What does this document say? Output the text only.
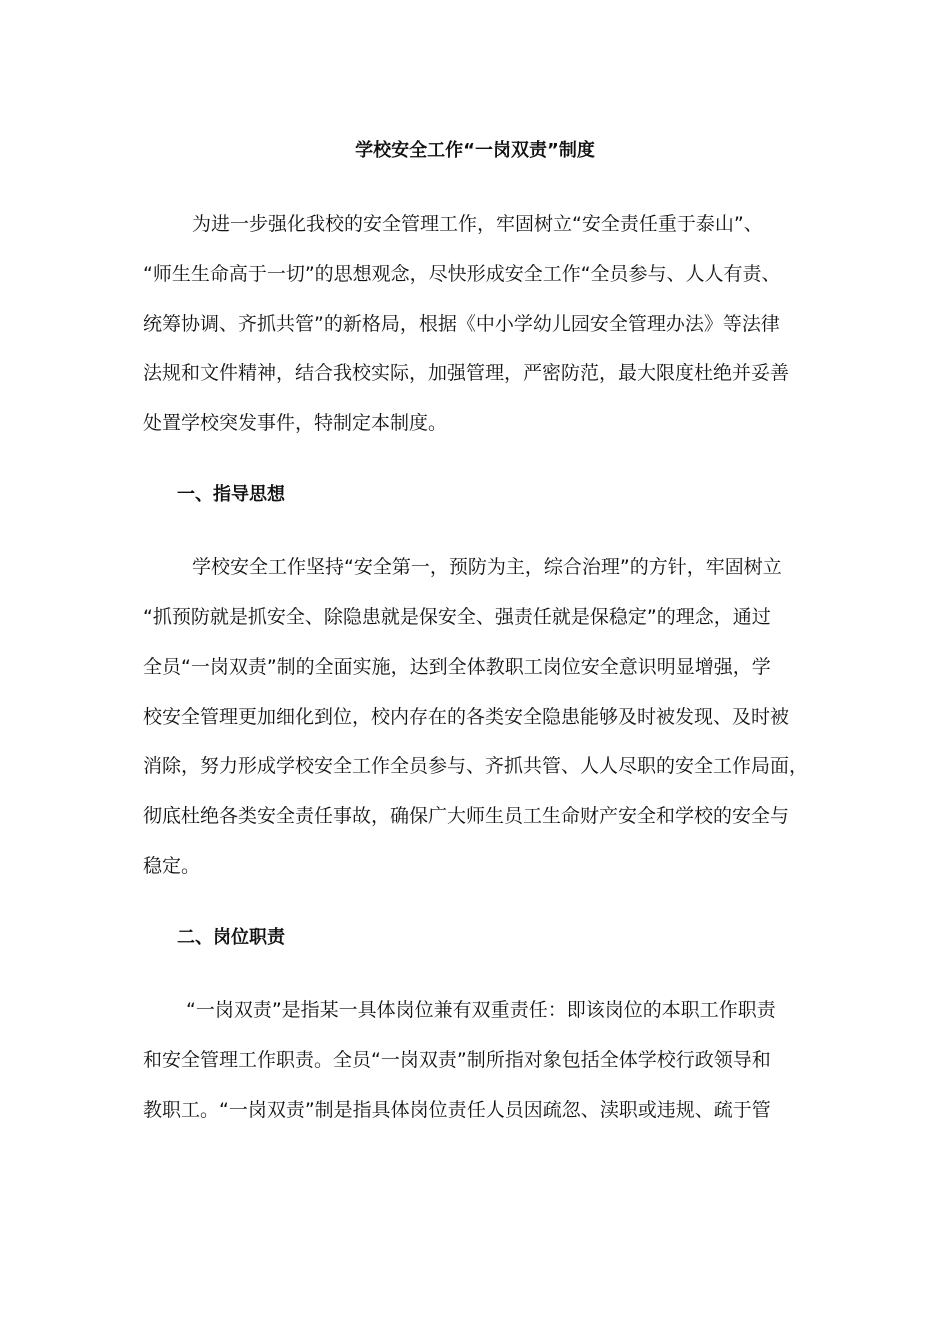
学校安全工作“一岗双责”制度
为进一步强化我校的安全管理工作，牢固树立“安全责任重于泰山”、
“师生生命高于一切”的思想观念，尽快形成安全工作“全员参与、人人有责、
统筹协调、齐抓共管”的新格局，根据《中小学幼儿园安全管理办法》等法律
法规和文件精神，结合我校实际，加强管理，严密防范，最大限度杜绝并妥善
处置学校突发事件，特制定本制度。
一、指导思想
学校安全工作坚持“安全第一，预防为主，综合治理”的方针，牢固树立
“抓预防就是抓安全、除隐患就是保安全、强责任就是保稳定”的理念，通过
全员“一岗双责”制的全面实施，达到全体教职工岗位安全意识明显增强，学
校安全管理更加细化到位，校内存在的各类安全隐患能够及时被发现、及时被
消除，努力形成学校安全工作全员参与、齐抓共管、人人尽职的安全工作局面，
彻底杜绝各类安全责任事故，确保广大师生员工生命财产安全和学校的安全与
稳定。
二、岗位职责
“一岗双责”是指某一具体岗位兼有双重责任：即该岗位的本职工作职责
和安全管理工作职责。全员“一岗双责”制所指对象包括全体学校行政领导和
教职工。“一岗双责”制是指具体岗位责任人员因疏忽、渎职或违规、疏于管
